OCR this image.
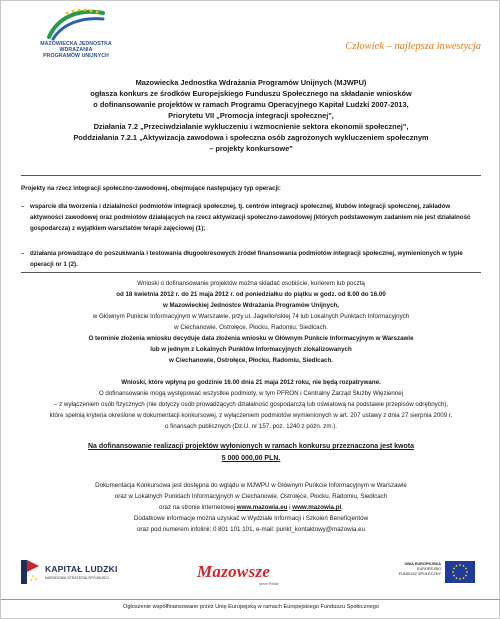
MAZOWIECKA JEDNOSTKA
WDRAŻANIA
PROGRAMÓW UNIJNYCH
Człowiek – najlepsza inwestycja

Mazowiecka Jednostka Wdrażania Programów Unijnych (MJWPU)

ogłasza konkurs ze środków Europejskiego Funduszu Społecznego na składanie wniosków

o dofinansowanie projektów w ramach Programu Operacyjnego Kapitał Ludzki 2007-2013,

Priorytetu VII „Promocja integracji społecznej",

Działania 7.2 „Przeciwdziałanie wykluczeniu i wzmocnienie sektora ekonomii społecznej",

Poddziałania 7.2.1 „Aktywizacja zawodowa i społeczna osób zagrożonych wykluczeniem społecznym

– projekty konkursowe"

Projekty na rzecz integracji społeczno-zawodowej, obejmujące następujący typ operacji:
– wsparcie dla tworzenia i działalności podmiotów integracji społecznej, tj. centrów integracji społecznej, klubów integracji społecznej, zakładów aktywności zawodowej oraz podmiotów działających na rzecz aktywizacji społeczno-zawodowej (których podstawowym zadaniem nie jest działalność gospodarcza) z wyjątkiem warsztatów terapii zajęciowej (1);
– działania prowadzące do poszukiwania i testowania długookresowych źródeł finansowania podmiotów integracji społecznej, wymienionych w typie operacji nr 1 (2).

Wnioski o dofinansowanie projektów można składać osobiście, kurierem lub pocztą

od 18 kwietnia 2012 r. do 21 maja 2012 r. od poniedziałku do piątku w godz. od 8.00 do 16.00

w Mazowieckiej Jednostce Wdrażania Programów Unijnych,

w Głównym Punkcie Informacyjnym w Warszawie, przy ul. Jagiellońskiej 74 lub Lokalnych Punktach Informacyjnych

w Ciechanowie, Ostrołęce, Płocku, Radomiu, Siedlcach.

O terminie złożenia wniosku decyduje data złożenia wniosku w Głównym Punkcie Informacyjnym w Warszawie

lub w jednym z Lokalnych Punktów Informacyjnych zlokalizowanych

w Ciechanowie, Ostrołęce, Płocku, Radomiu, Siedlcach.

Wnioski, które wpłyną po godzinie 16.00 dnia 21 maja 2012 roku, nie będą rozpatrywane.

O dofinansowanie mogą występować wszystkie podmioty, w tym PFRON i Centralny Zarząd Służby Więziennej

– z wyłączeniem osób fizycznych (nie dotyczy osób prowadzących działalność gospodarczą lub oświatową na podstawie przepisów odrębnych),

które spełnią kryteria określone w dokumentacji konkursowej, z wyłączeniem podmiotów wymienionych w art. 207 ustawy z dnia 27 sierpnia 2009 r.

o finansach publicznych (Dz.U. nr 157, poz. 1240 z późn. zm.).

Na dofinansowanie realizacji projektów wyłonionych w ramach konkursu przeznaczona jest kwota

5 000 000,00 PLN.

Dokumentacja Konkursowa jest dostępna do wglądu w MJWPU w Głównym Punkcie Informacyjnym w Warszawie

oraz w Lokalnych Punktach Informacyjnych w Ciechanowie, Ostrołęce, Płocku, Radomiu, Siedlcach

oraz na stronie internetowej www.mazowia.eu i www.mazowia.pl.

Dodatkowe informacje można uzyskać w Wydziale Informacji i Szkoleń Beneficjentów

oraz pod numerem infolinii: 0 801 101 101, e-mail: punkt_kontaktowy@mazowia.eu

KAPITAŁ LUDZKI
NARODOWA STRATEGIA SPÓJNOŚCI	Mazowsze
serce Polski
UNIA EUROPEJSKA
EUROPEJSKI
FUNDUSZ SPOŁECZNY
Ogłoszenie współfinansowane przez Unię Europejską w ramach Europejskiego Funduszu Społecznego
